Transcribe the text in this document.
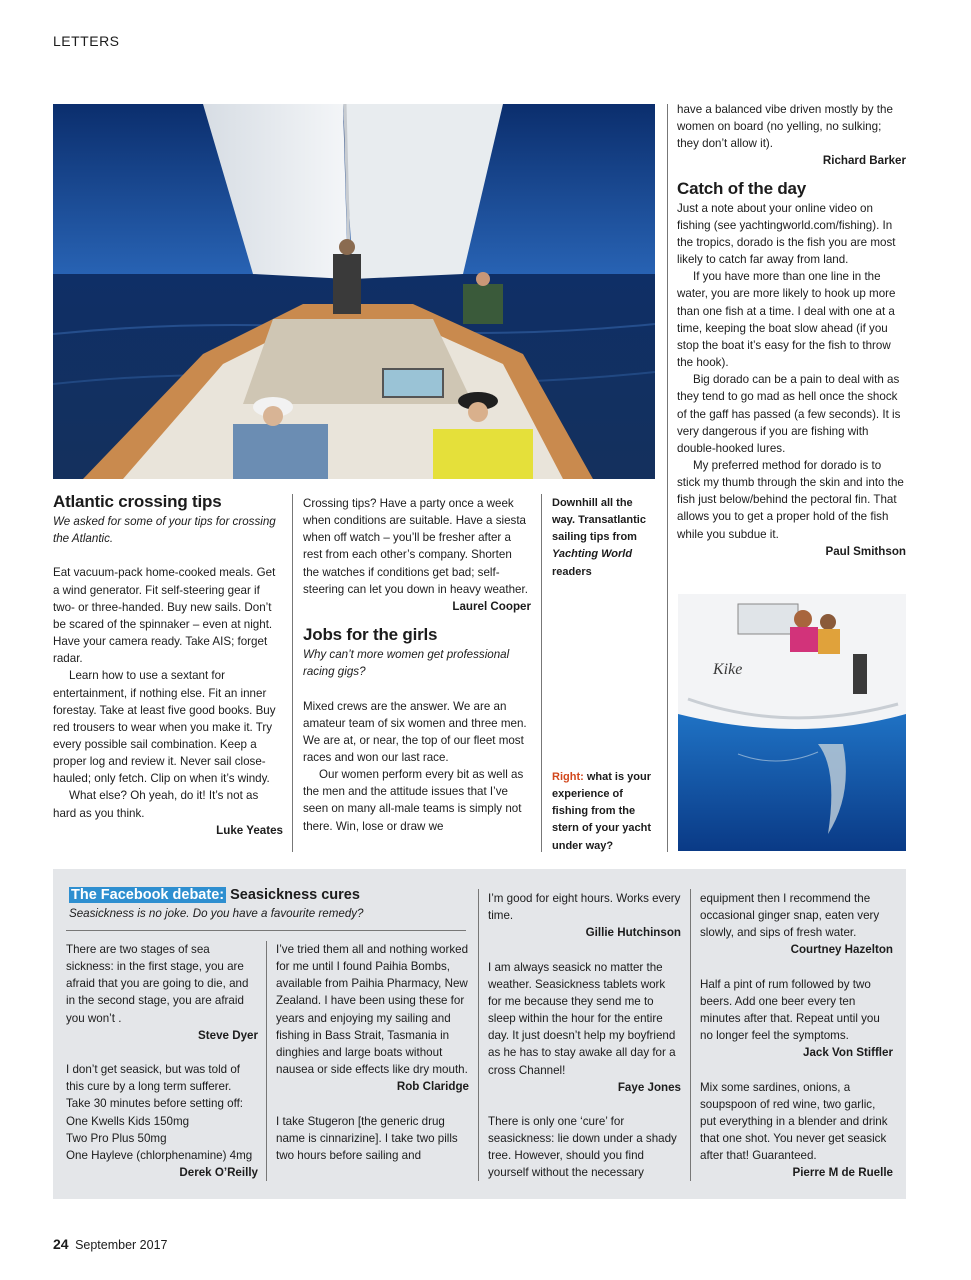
LETTERS
Atlantic crossing tips

We asked for some of your tips for crossing the Atlantic.

Eat vacuum-pack home-cooked meals. Get a wind generator. Fit self-steering gear if two- or three-handed. Buy new sails. Don’t be scared of the spinnaker – even at night. Have your camera ready. Take AIS; forget radar.

Learn how to use a sextant for entertainment, if nothing else. Fit an inner forestay. Take at least five good books. Buy red trousers to wear when you make it. Try every possible sail combination. Keep a proper log and review it. Never sail close-hauled; only fetch. Clip on when it’s windy.

What else? Oh yeah, do it! It’s not as hard as you think.

Luke Yeates

Crossing tips? Have a party once a week when conditions are suitable. Have a siesta when off watch – you’ll be fresher after a rest from each other’s company. Shorten the watches if conditions get bad; self-steering can let you down in heavy weather.

Laurel Cooper

Jobs for the girls

Why can’t more women get professional racing gigs?

Mixed crews are the answer. We are an amateur team of six women and three men. We are at, or near, the top of our fleet most races and won our last race.

Our women perform every bit as well as the men and the attitude issues that I’ve seen on many all-male teams is simply not there. Win, lose or draw we

Downhill all the way. Transatlantic sailing tips from Yachting World readers
Right: what is your experience of fishing from the stern of your yacht under way?

have a balanced vibe driven mostly by the women on board (no yelling, no sulking; they don’t allow it).

Richard Barker

Catch of the day

Just a note about your online video on fishing (see yachtingworld.com/fishing). In the tropics, dorado is the fish you are most likely to catch far away from land.

If you have more than one line in the water, you are more likely to hook up more than one fish at a time. I deal with one at a time, keeping the boat slow ahead (if you stop the boat it’s easy for the fish to throw the hook).

Big dorado can be a pain to deal with as they tend to go mad as hell once the shock of the gaff has passed (a few seconds). It is very dangerous if you are fishing with double-hooked lures.

My preferred method for dorado is to stick my thumb through the skin and into the fish just below/behind the pectoral fin. That allows you to get a proper hold of the fish while you subdue it.

Paul Smithson

Kike
The Facebook debate: Seasickness cures
Seasickness is no joke. Do you have a favourite remedy?

There are two stages of sea sickness: in the first stage, you are afraid that you are going to die, and in the second stage, you are afraid you won’t .

Steve Dyer

I don’t get seasick, but was told of this cure by a long term sufferer. Take 30 minutes before setting off:

One Kwells Kids 150mg

Two Pro Plus 50mg

One Hayleve (chlorphenamine) 4mg

Derek O’Reilly

I’ve tried them all and nothing worked for me until I found Paihia Bombs, available from Paihia Pharmacy, New Zealand. I have been using these for years and enjoying my sailing and fishing in Bass Strait, Tasmania in dinghies and large boats without nausea or side effects like dry mouth.

Rob Claridge

I take Stugeron [the generic drug name is cinnarizine]. I take two pills two hours before sailing and

I’m good for eight hours. Works every time.

Gillie Hutchinson

I am always seasick no matter the weather. Seasickness tablets work for me because they send me to sleep within the hour for the entire day. It just doesn’t help my boyfriend as he has to stay awake all day for a cross Channel!

Faye Jones

There is only one ‘cure’ for seasickness: lie down under a shady tree. However, should you find yourself without the necessary

equipment then I recommend the occasional ginger snap, eaten very slowly, and sips of fresh water.

Courtney Hazelton

Half a pint of rum followed by two beers. Add one beer every ten minutes after that. Repeat until you no longer feel the symptoms.

Jack Von Stiffler

Mix some sardines, onions, a soupspoon of red wine, two garlic, put everything in a blender and drink that one shot. You never get seasick after that! Guaranteed.

Pierre M de Ruelle

24 September 2017
